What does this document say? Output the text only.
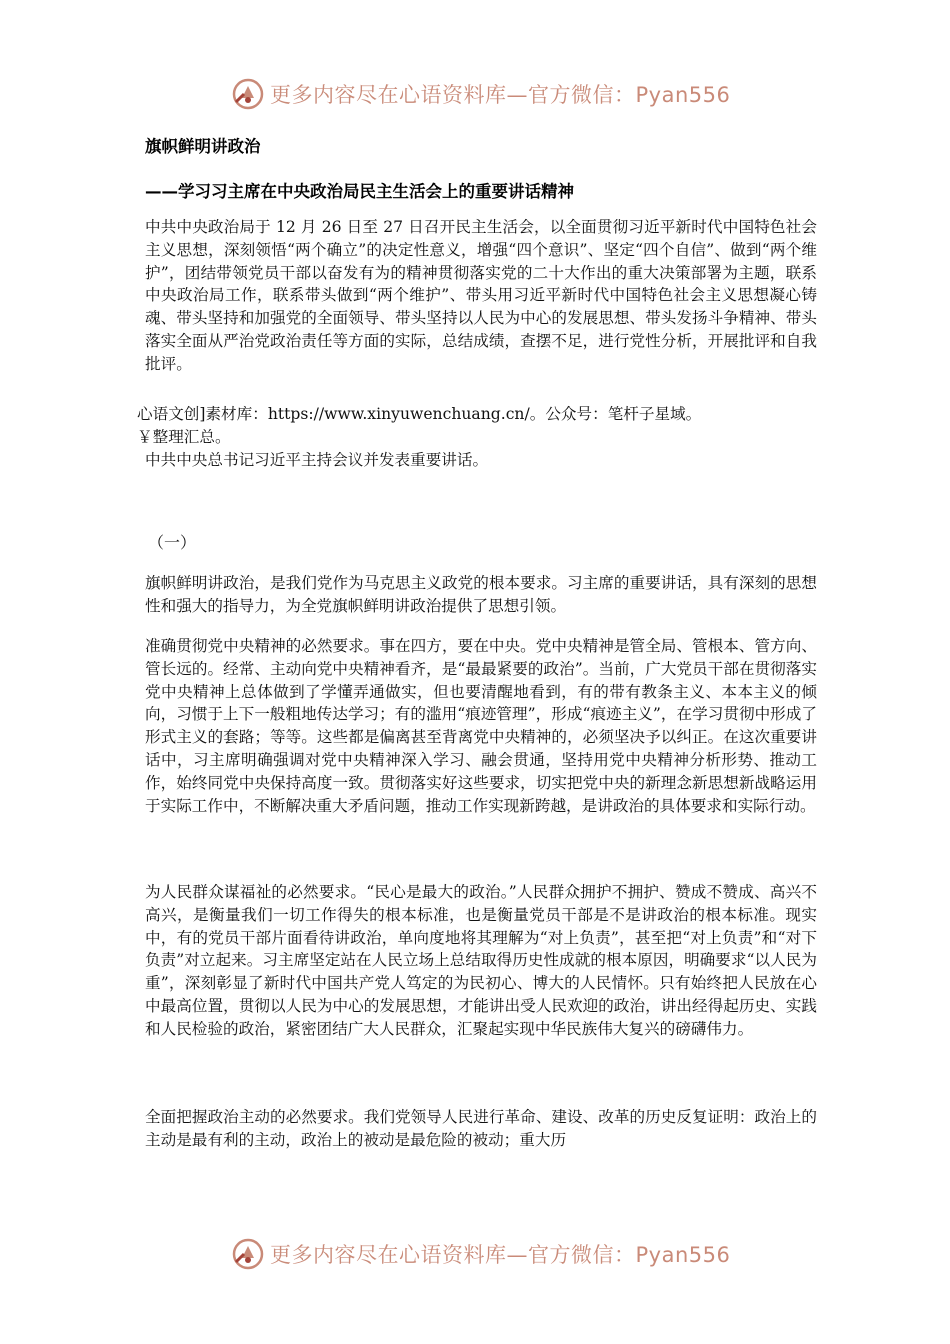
更多内容尽在心语资料库—官方微信：Pyan556
旗帜鲜明讲政治
——学习习主席在中央政治局民主生活会上的重要讲话精神

中共中央政治局于 12 月 26 日至 27 日召开民主生活会，以全面贯彻习近平新时代中国特色社会主义思想，深刻领悟“两个确立”的决定性意义，增强“四个意识”、坚定“四个自信”、做到“两个维护”，团结带领党员干部以奋发有为的精神贯彻落实党的二十大作出的重大决策部署为主题，联系中央政治局工作，联系带头做到“两个维护”、带头用习近平新时代中国特色社会主义思想凝心铸魂、带头坚持和加强党的全面领导、带头坚持以人民为中心的发展思想、带头发扬斗争精神、带头落实全面从严治党政治责任等方面的实际，总结成绩，查摆不足，进行党性分析，开展批评和自我批评。

心语文创]素材库：https://www.xinyuwenchuang.cn/。公众号：笔杆子星域。

￥整理汇总。

中共中央总书记习近平主持会议并发表重要讲话。

（一）

旗帜鲜明讲政治，是我们党作为马克思主义政党的根本要求。习主席的重要讲话，具有深刻的思想性和强大的指导力，为全党旗帜鲜明讲政治提供了思想引领。

准确贯彻党中央精神的必然要求。事在四方，要在中央。党中央精神是管全局、管根本、管方向、管长远的。经常、主动向党中央精神看齐，是“最最紧要的政治”。当前，广大党员干部在贯彻落实党中央精神上总体做到了学懂弄通做实，但也要清醒地看到，有的带有教条主义、本本主义的倾向，习惯于上下一般粗地传达学习；有的滥用“痕迹管理”，形成“痕迹主义”，在学习贯彻中形成了形式主义的套路；等等。这些都是偏离甚至背离党中央精神的，必须坚决予以纠正。在这次重要讲话中，习主席明确强调对党中央精神深入学习、融会贯通，坚持用党中央精神分析形势、推动工作，始终同党中央保持高度一致。贯彻落实好这些要求，切实把党中央的新理念新思想新战略运用于实际工作中，不断解决重大矛盾问题，推动工作实现新跨越，是讲政治的具体要求和实际行动。

为人民群众谋福祉的必然要求。“民心是最大的政治。”人民群众拥护不拥护、赞成不赞成、高兴不高兴，是衡量我们一切工作得失的根本标准，也是衡量党员干部是不是讲政治的根本标准。现实中，有的党员干部片面看待讲政治，单向度地将其理解为“对上负责”，甚至把“对上负责”和“对下负责”对立起来。习主席坚定站在人民立场上总结取得历史性成就的根本原因，明确要求“以人民为重”，深刻彰显了新时代中国共产党人笃定的为民初心、博大的人民情怀。只有始终把人民放在心中最高位置，贯彻以人民为中心的发展思想，才能讲出受人民欢迎的政治，讲出经得起历史、实践和人民检验的政治，紧密团结广大人民群众，汇聚起实现中华民族伟大复兴的磅礴伟力。

全面把握政治主动的必然要求。我们党领导人民进行革命、建设、改革的历史反复证明：政治上的主动是最有利的主动，政治上的被动是最危险的被动；重大历

更多内容尽在心语资料库—官方微信：Pyan556
